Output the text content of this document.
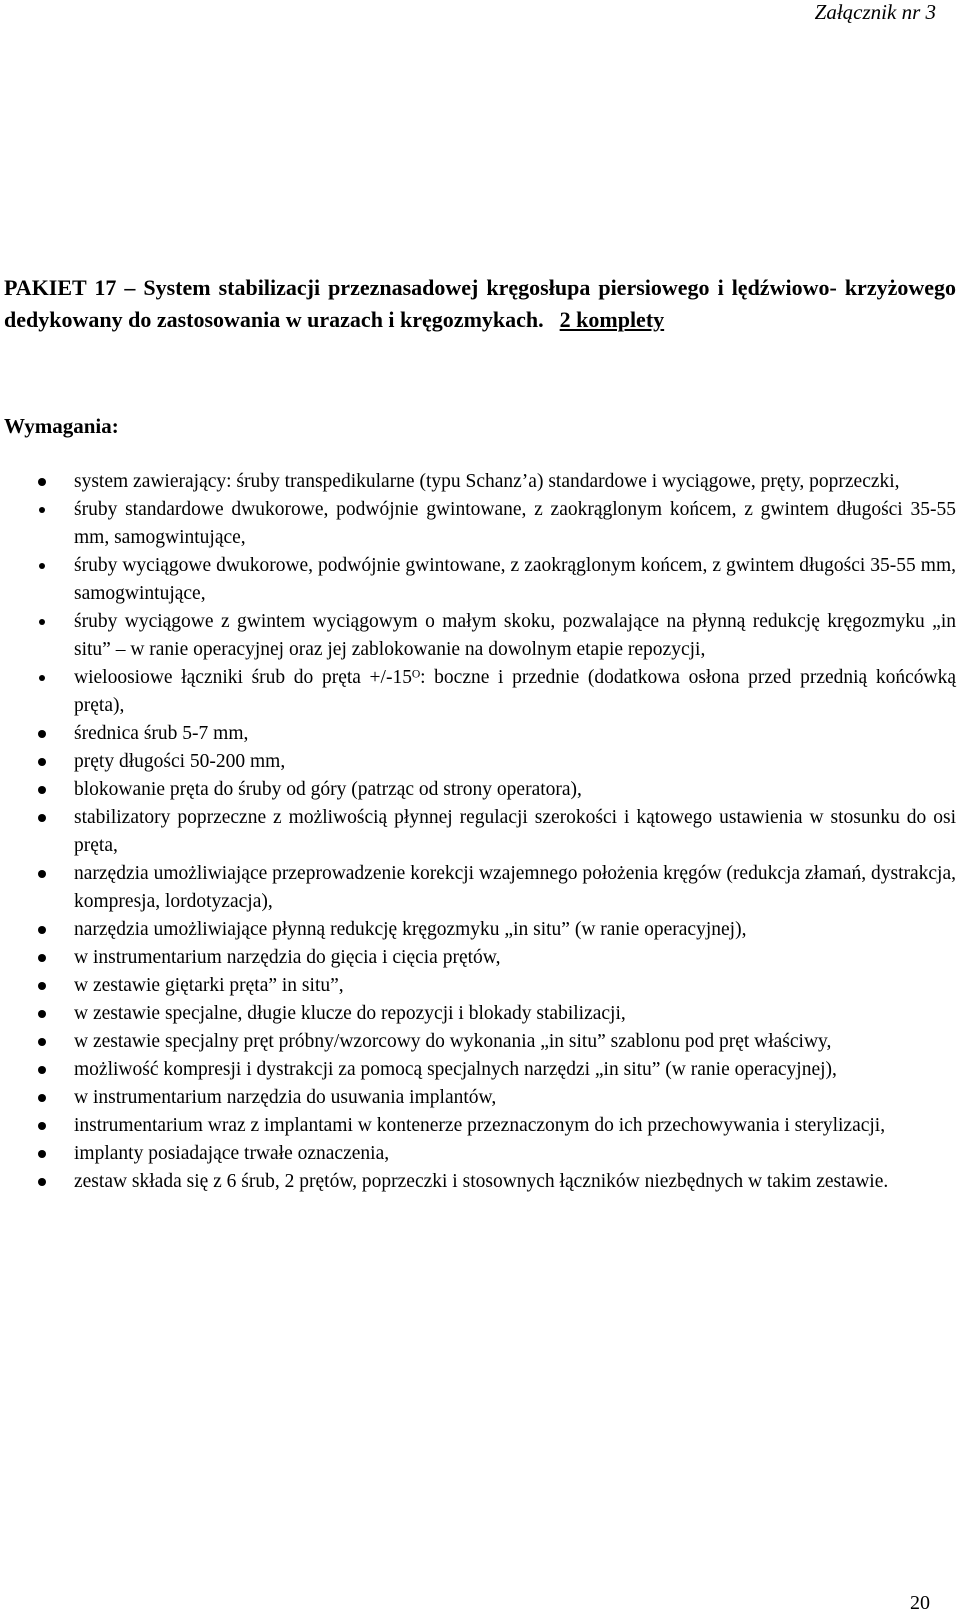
Załącznik nr 3
PAKIET 17 – System stabilizacji przeznasadowej kręgosłupa piersiowego i lędźwiowo- krzyżowego dedykowany do zastosowania w urazach i kręgozmykach. 2 komplety
Wymagania:
system zawierający: śruby transpedikularne (typu Schanz’a) standardowe i wyciągowe, pręty, poprzeczki,
śruby standardowe dwukorowe, podwójnie gwintowane, z zaokrąglonym końcem, z gwintem długości 35-55 mm, samogwintujące,
śruby wyciągowe dwukorowe, podwójnie gwintowane, z zaokrąglonym końcem, z gwintem długości 35-55 mm, samogwintujące,
śruby wyciągowe z gwintem wyciągowym o małym skoku, pozwalające na płynną redukcję kręgozmyku „in situ” – w ranie operacyjnej oraz jej zablokowanie na dowolnym etapie repozycji,
wieloosiowe łączniki śrub do pręta +/-15ᴼ: boczne i przednie (dodatkowa osłona przed przednią końcówką pręta),
średnica śrub 5-7 mm,
pręty długości 50-200 mm,
blokowanie pręta do śruby od góry (patrząc od strony operatora),
stabilizatory poprzeczne z możliwością płynnej regulacji szerokości i kątowego ustawienia w stosunku do osi pręta,
narzędzia umożliwiające przeprowadzenie korekcji wzajemnego położenia kręgów (redukcja złamań, dystrakcja, kompresja, lordotyzacja),
narzędzia umożliwiające płynną redukcję kręgozmyku „in situ” (w ranie operacyjnej),
w instrumentarium narzędzia do gięcia i cięcia prętów,
w zestawie giętarki pręta” in situ”,
w zestawie specjalne, długie klucze do repozycji i blokady stabilizacji,
w zestawie specjalny pręt próbny/wzorcowy do wykonania „in situ” szablonu pod pręt właściwy,
możliwość kompresji i dystrakcji za pomocą specjalnych narzędzi „in situ” (w ranie operacyjnej),
w instrumentarium narzędzia do usuwania implantów,
instrumentarium wraz z implantami w kontenerze przeznaczonym do ich przechowywania i sterylizacji,
implanty posiadające trwałe oznaczenia,
zestaw składa się z 6 śrub, 2 prętów, poprzeczki i stosownych łączników niezbędnych w takim zestawie.
20
